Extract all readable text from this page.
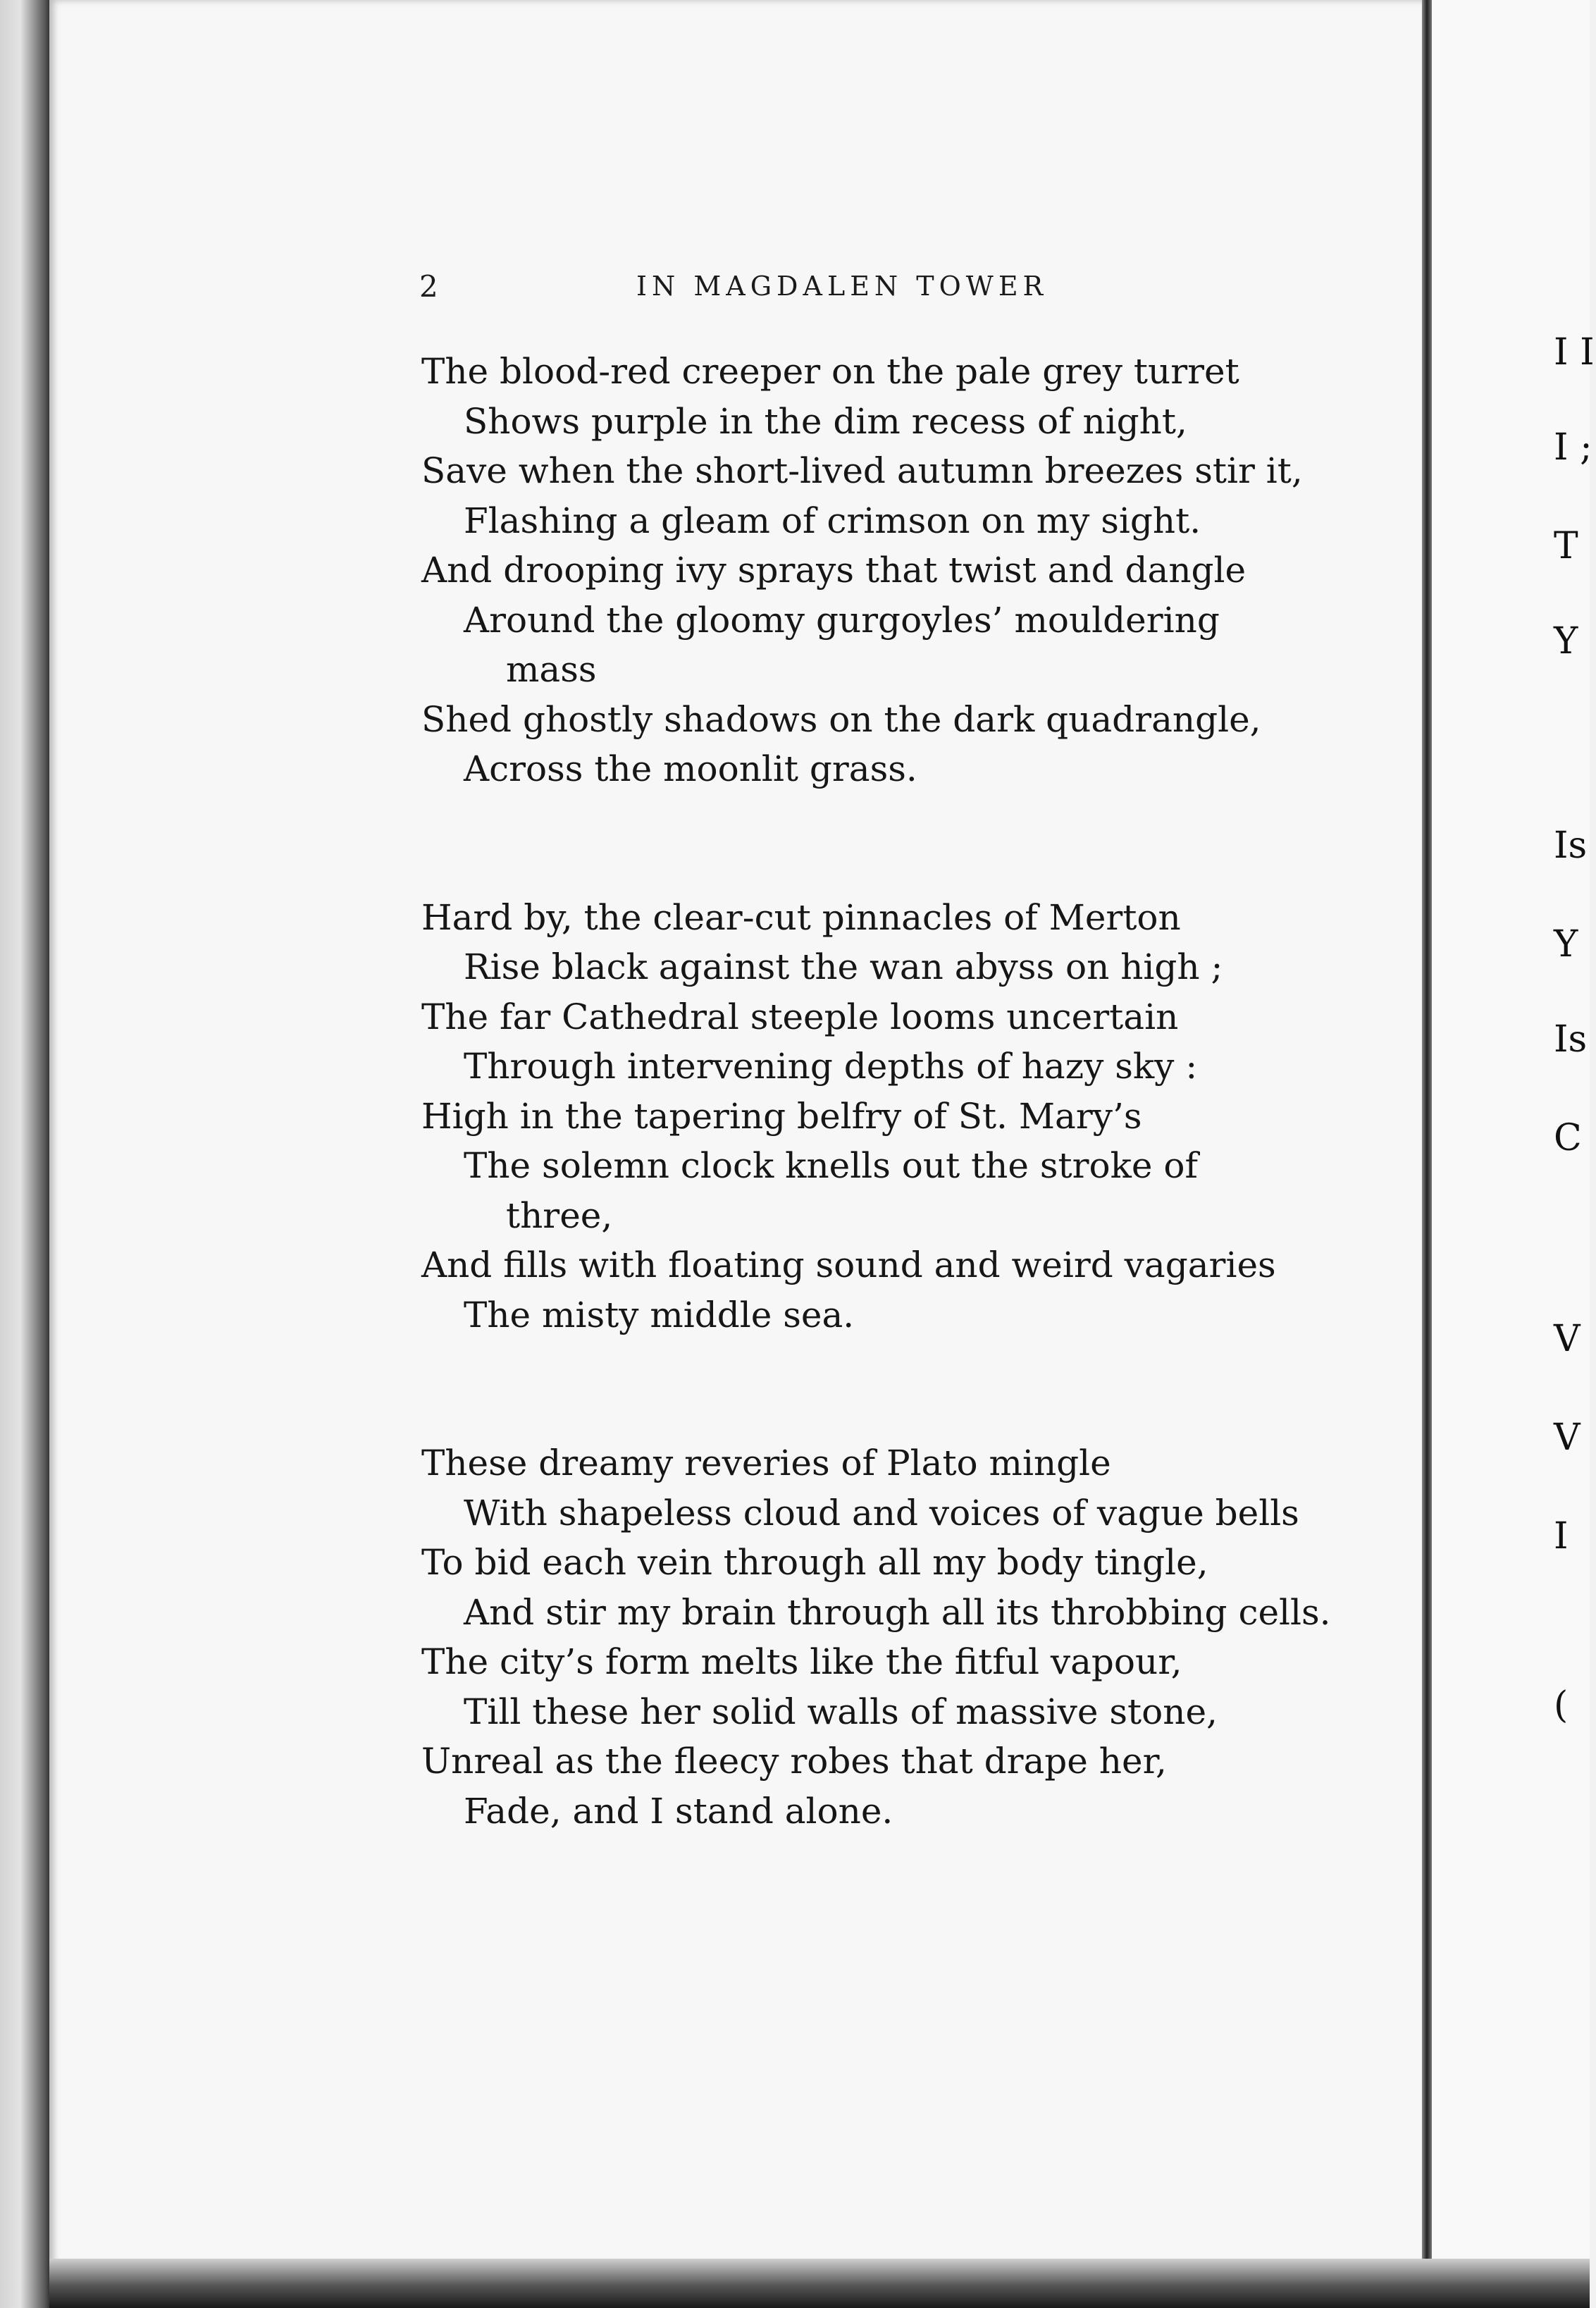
2	IN MAGDALEN TOWER
The blood-red creeper on the pale grey turret
Shows purple in the dim recess of night,
Save when the short-lived autumn breezes stir it,
Flashing a gleam of crimson on my sight.
And drooping ivy sprays that twist and dangle
Around the gloomy gurgoyles’ mouldering
mass
Shed ghostly shadows on the dark quadrangle,
Across the moonlit grass.
Hard by, the clear-cut pinnacles of Merton
Rise black against the wan abyss on high ;
The far Cathedral steeple looms uncertain
Through intervening depths of hazy sky :
High in the tapering belfry of St. Mary’s
The solemn clock knells out the stroke of
three,
And fills with floating sound and weird vagaries
The misty middle sea.
These dreamy reveries of Plato mingle
With shapeless cloud and voices of vague bells
To bid each vein through all my body tingle,
And stir my brain through all its throbbing cells.
The city’s form melts like the fitful vapour,
Till these her solid walls of massive stone,
Unreal as the fleecy robes that drape her,
Fade, and I stand alone.
I I
I ;
T
Y
Is
Y
Is
C
V
V
I
(
